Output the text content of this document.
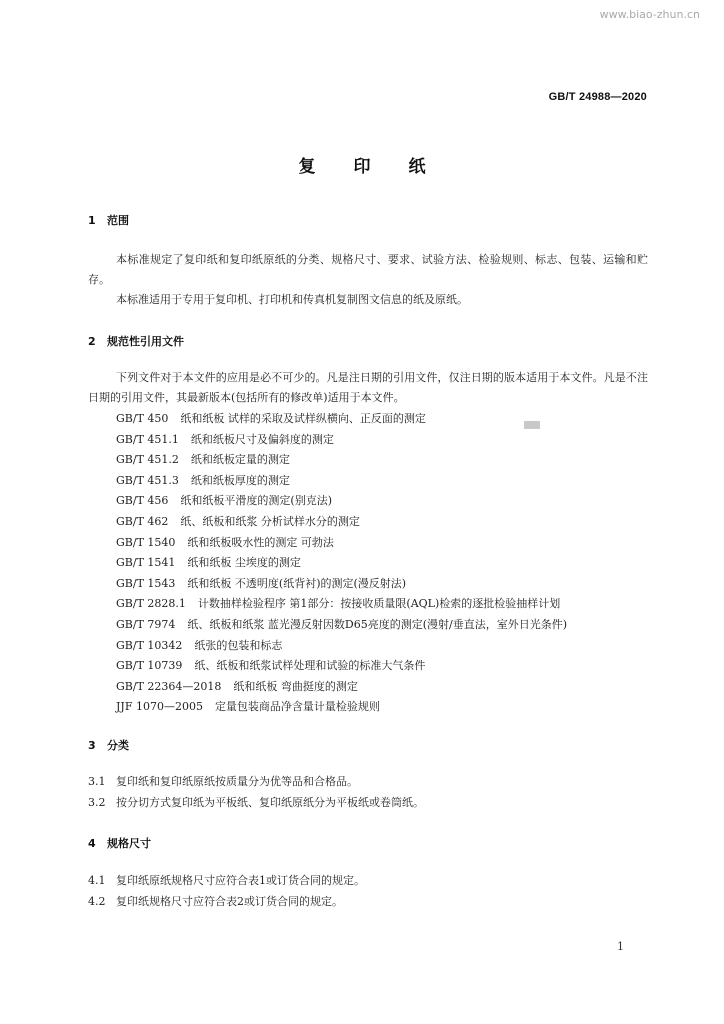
www.biao-zhun.cn
GB/T 24988—2020
复印纸
1 范围
本标准规定了复印纸和复印纸原纸的分类、规格尺寸、要求、试验方法、检验规则、标志、包装、运输和贮存。
本标准适用于专用于复印机、打印机和传真机复制图文信息的纸及原纸。
2 规范性引用文件
下列文件对于本文件的应用是必不可少的。凡是注日期的引用文件，仅注日期的版本适用于本文件。凡是不注日期的引用文件，其最新版本(包括所有的修改单)适用于本文件。
GB/T 450 纸和纸板 试样的采取及试样纵横向、正反面的测定
GB/T 451.1 纸和纸板尺寸及偏斜度的测定
GB/T 451.2 纸和纸板定量的测定
GB/T 451.3 纸和纸板厚度的测定
GB/T 456 纸和纸板平滑度的测定(别克法)
GB/T 462 纸、纸板和纸浆 分析试样水分的测定
GB/T 1540 纸和纸板吸水性的测定 可勃法
GB/T 1541 纸和纸板 尘埃度的测定
GB/T 1543 纸和纸板 不透明度(纸背衬)的测定(漫反射法)
GB/T 2828.1 计数抽样检验程序 第1部分：按接收质量限(AQL)检索的逐批检验抽样计划
GB/T 7974 纸、纸板和纸浆 蓝光漫反射因数D65亮度的测定(漫射/垂直法，室外日光条件)
GB/T 10342 纸张的包装和标志
GB/T 10739 纸、纸板和纸浆试样处理和试验的标准大气条件
GB/T 22364—2018 纸和纸板 弯曲挺度的测定
JJF 1070—2005 定量包装商品净含量计量检验规则
3 分类
3.1 复印纸和复印纸原纸按质量分为优等品和合格品。
3.2 按分切方式复印纸为平板纸、复印纸原纸分为平板纸或卷筒纸。
4 规格尺寸
4.1 复印纸原纸规格尺寸应符合表1或订货合同的规定。
4.2 复印纸规格尺寸应符合表2或订货合同的规定。
1
